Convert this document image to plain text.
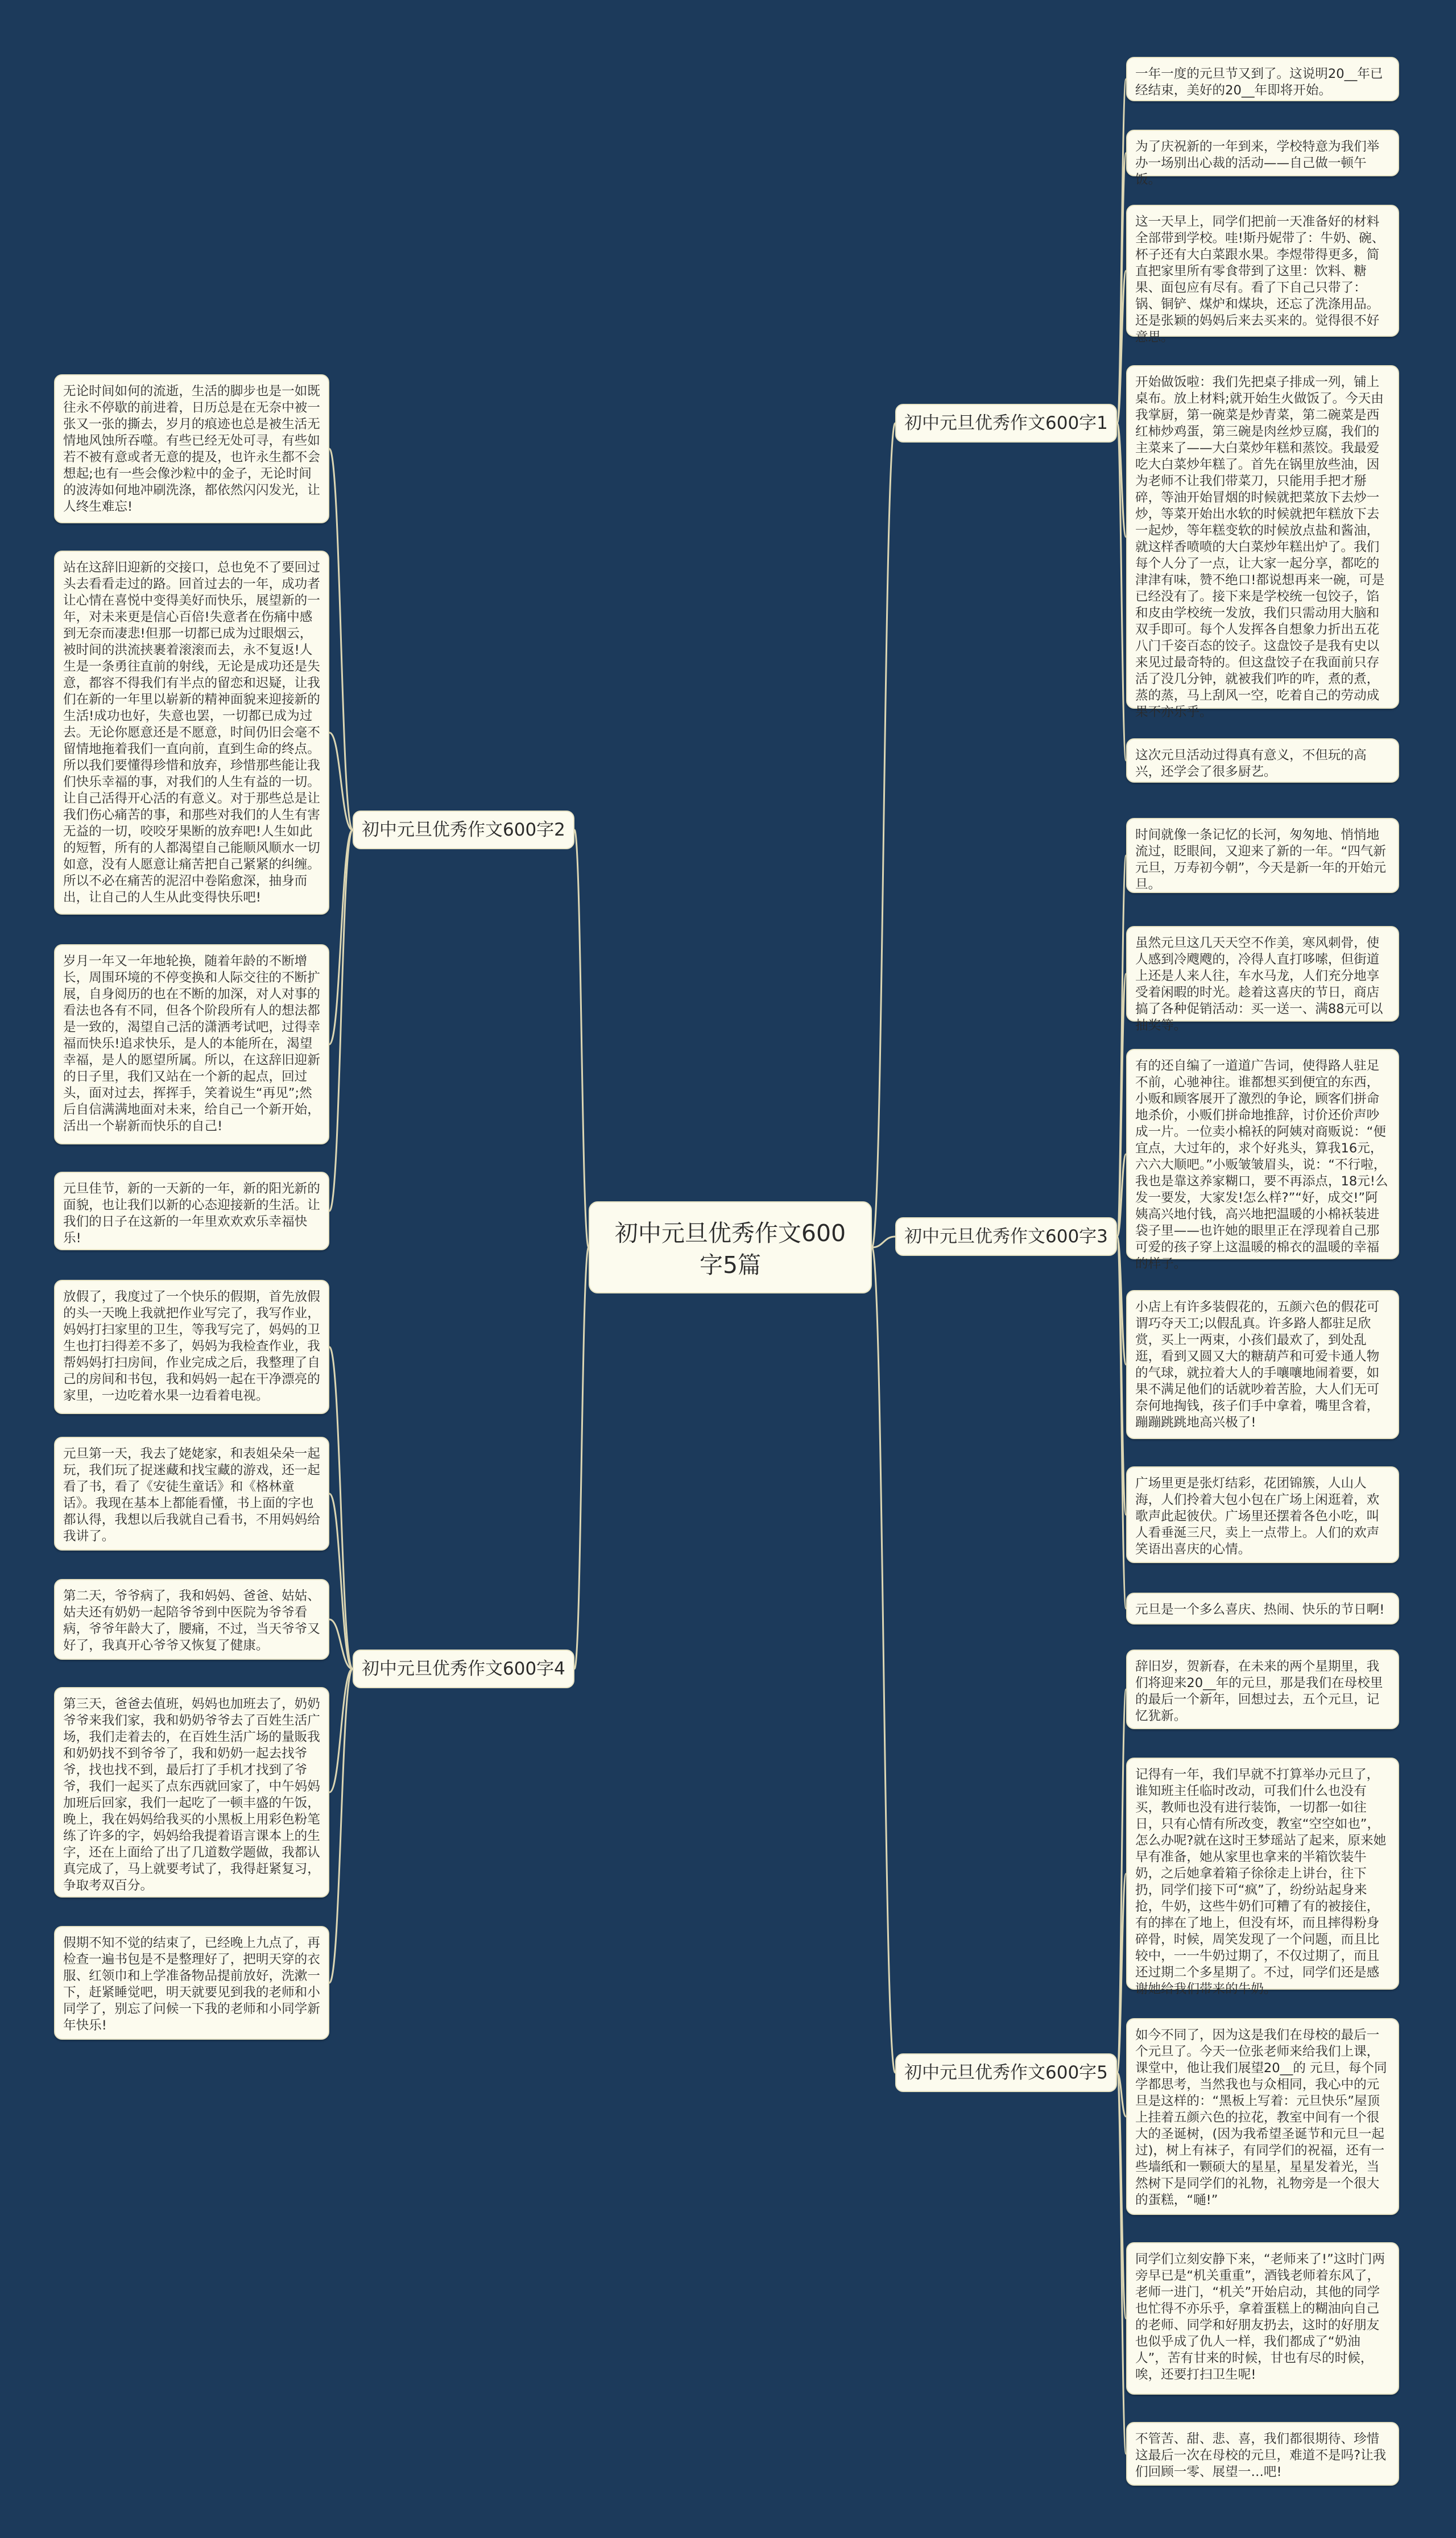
初中元旦优秀作文600字5篇
初中元旦优秀作文600字1
一年一度的元旦节又到了。这说明20__年已经结束，美好的20__年即将开始。
为了庆祝新的一年到来，学校特意为我们举办一场别出心裁的活动——自己做一顿午饭。
这一天早上，同学们把前一天准备好的材料全部带到学校。哇!斯丹妮带了：牛奶、碗、杯子还有大白菜跟水果。李煜带得更多，简直把家里所有零食带到了这里：饮料、糖果、面包应有尽有。看了下自己只带了：锅、铜铲、煤炉和煤块，还忘了洗涤用品。还是张颖的妈妈后来去买来的。觉得很不好意思。
开始做饭啦：我们先把桌子排成一列，铺上桌布。放上材料;就开始生火做饭了。今天由我掌厨，第一碗菜是炒青菜，第二碗菜是西红柿炒鸡蛋，第三碗是肉丝炒豆腐，我们的主菜来了——大白菜炒年糕和蒸饺。我最爱吃大白菜炒年糕了。首先在锅里放些油，因为老师不让我们带菜刀，只能用手把才掰碎，等油开始冒烟的时候就把菜放下去炒一炒，等菜开始出水软的时候就把年糕放下去一起炒，等年糕变软的时候放点盐和酱油，就这样香喷喷的大白菜炒年糕出炉了。我们每个人分了一点，让大家一起分享，都吃的津津有味，赞不绝口!都说想再来一碗，可是已经没有了。接下来是学校统一包饺子，馅和皮由学校统一发放，我们只需动用大脑和双手即可。每个人发挥各自想象力折出五花八门千姿百态的饺子。这盘饺子是我有史以来见过最奇特的。但这盘饺子在我面前只存活了没几分钟，就被我们咋的咋，煮的煮，蒸的蒸，马上刮风一空，吃着自己的劳动成果不亦乐乎。
这次元旦活动过得真有意义，不但玩的高兴，还学会了很多厨艺。
初中元旦优秀作文600字2
无论时间如何的流逝，生活的脚步也是一如既往永不停歇的前进着，日历总是在无奈中被一张又一张的撕去，岁月的痕迹也总是被生活无情地风蚀所吞噬。有些已经无处可寻，有些如若不被有意或者无意的提及，也许永生都不会想起;也有一些会像沙粒中的金子，无论时间的波涛如何地冲刷洗涤，都依然闪闪发光，让人终生难忘!
站在这辞旧迎新的交接口，总也免不了要回过头去看看走过的路。回首过去的一年，成功者让心情在喜悦中变得美好而快乐，展望新的一年，对未来更是信心百倍!失意者在伤痛中感到无奈而凄悲!但那一切都已成为过眼烟云，被时间的洪流挟裹着滚滚而去，永不复返!人生是一条勇往直前的射线，无论是成功还是失意，都容不得我们有半点的留恋和迟疑，让我们在新的一年里以崭新的精神面貌来迎接新的生活!成功也好，失意也罢，一切都已成为过去。无论你愿意还是不愿意，时间仍旧会毫不留情地拖着我们一直向前，直到生命的终点。所以我们要懂得珍惜和放弃，珍惜那些能让我们快乐幸福的事，对我们的人生有益的一切。让自己活得开心活的有意义。对于那些总是让我们伤心痛苦的事，和那些对我们的人生有害无益的一切，咬咬牙果断的放弃吧!人生如此的短暂，所有的人都渴望自己能顺风顺水一切如意，没有人愿意让痛苦把自己紧紧的纠缠。所以不必在痛苦的泥沼中卷陷愈深，抽身而出，让自己的人生从此变得快乐吧!
岁月一年又一年地轮换，随着年龄的不断增长，周围环境的不停变换和人际交往的不断扩展，自身阅历的也在不断的加深，对人对事的看法也各有不同，但各个阶段所有人的想法都是一致的，渴望自己活的潇洒考试吧，过得幸福而快乐!追求快乐，是人的本能所在，渴望幸福，是人的愿望所属。所以，在这辞旧迎新的日子里，我们又站在一个新的起点，回过头，面对过去，挥挥手，笑着说生“再见”;然后自信满满地面对未来，给自己一个新开始，活出一个崭新而快乐的自己!
元旦佳节，新的一天新的一年，新的阳光新的面貌，也让我们以新的心态迎接新的生活。让我们的日子在这新的一年里欢欢欢乐幸福快乐!	初中元旦优秀作文600字3
时间就像一条记忆的长河，匆匆地、悄悄地流过，眨眼间，又迎来了新的一年。“四气新元旦，万寿初今朝”，今天是新一年的开始元旦。
虽然元旦这几天天空不作美，寒风刺骨，使人感到冷飕飕的，冷得人直打哆嗦，但街道上还是人来人往，车水马龙，人们充分地享受着闲暇的时光。趁着这喜庆的节日，商店搞了各种促销活动：买一送一、满88元可以抽奖等。
有的还自编了一道道广告词，使得路人驻足不前，心驰神往。谁都想买到便宜的东西，小贩和顾客展开了激烈的争论，顾客们拼命地杀价，小贩们拼命地推辞，讨价还价声吵成一片。一位卖小棉袄的阿姨对商贩说：“便宜点，大过年的，求个好兆头，算我16元，六六大顺吧。”小贩皱皱眉头，说：“不行啦，我也是靠这养家糊口，要不再添点，18元!么发一要发，大家发!怎么样?”“好，成交!”阿姨高兴地付钱，高兴地把温暖的小棉袄装进袋子里——也许她的眼里正在浮现着自己那可爱的孩子穿上这温暖的棉衣的温暖的幸福的样子。
小店上有许多装假花的，五颜六色的假花可谓巧夺天工;以假乱真。许多路人都驻足欣赏，买上一两束，小孩们最欢了，到处乱逛，看到又圆又大的糖葫芦和可爱卡通人物的气球，就拉着大人的手嚷嚷地闹着要，如果不满足他们的话就吵着苦脸，大人们无可奈何地掏钱，孩子们手中拿着，嘴里含着，蹦蹦跳跳地高兴极了!
广场里更是张灯结彩，花团锦簇，人山人海，人们拎着大包小包在广场上闲逛着，欢歌声此起彼伏。广场里还摆着各色小吃，叫人看垂涎三尺，卖上一点带上。人们的欢声笑语出喜庆的心情。
元旦是一个多么喜庆、热闹、快乐的节日啊!
初中元旦优秀作文600字4
放假了，我度过了一个快乐的假期，首先放假的头一天晚上我就把作业写完了，我写作业，妈妈打扫家里的卫生，等我写完了，妈妈的卫生也打扫得差不多了，妈妈为我检查作业，我帮妈妈打扫房间，作业完成之后，我整理了自己的房间和书包，我和妈妈一起在干净漂亮的家里，一边吃着水果一边看着电视。
元旦第一天，我去了姥姥家，和表姐朵朵一起玩，我们玩了捉迷藏和找宝藏的游戏，还一起看了书，看了《安徒生童话》和《格林童话》。我现在基本上都能看懂，书上面的字也都认得，我想以后我就自己看书，不用妈妈给我讲了。
第二天，爷爷病了，我和妈妈、爸爸、姑姑、姑夫还有奶奶一起陪爷爷到中医院为爷爷看病，爷爷年龄大了，腰痛，不过，当天爷爷又好了，我真开心爷爷又恢复了健康。
第三天，爸爸去值班，妈妈也加班去了，奶奶爷爷来我们家，我和奶奶爷爷去了百姓生活广场，我们走着去的，在百姓生活广场的量販我和奶奶找不到爷爷了，我和奶奶一起去找爷爷，找也找不到，最后打了手机才找到了爷爷，我们一起买了点东西就回家了，中午妈妈加班后回家，我们一起吃了一顿丰盛的午饭，晚上，我在妈妈给我买的小黑板上用彩色粉笔练了许多的字，妈妈给我提着语言课本上的生字，还在上面给了出了几道数学题做，我都认真完成了，马上就要考试了，我得赶紧复习，争取考双百分。
假期不知不觉的结束了，已经晚上九点了，再检查一遍书包是不是整理好了，把明天穿的衣服、红领巾和上学准备物品提前放好，洗漱一下，赶紧睡觉吧，明天就要见到我的老师和小同学了，别忘了问候一下我的老师和小同学新年快乐!
初中元旦优秀作文600字5
辞旧岁，贺新春，在未来的两个星期里，我们将迎来20__年的元旦，那是我们在母校里的最后一个新年，回想过去，五个元旦，记忆犹新。
记得有一年，我们早就不打算举办元旦了，谁知班主任临时改动，可我们什么也没有买，教师也没有进行装饰，一切都一如往日，只有心情有所改变，教室“空空如也”，怎么办呢?就在这时王梦瑶站了起来，原来她早有准备，她从家里也拿来的半箱饮装牛奶，之后她拿着箱子徐徐走上讲台，往下扔，同学们接下可“疯”了，纷纷站起身来抢，牛奶，这些牛奶们可糟了有的被接住，有的摔在了地上，但没有坏，而且摔得粉身碎骨，时候，周笑发现了一个问题，而且比较中，一一牛奶过期了，不仅过期了，而且还过期二个多星期了。不过，同学们还是感谢她给我们带来的牛奶。
如今不同了，因为这是我们在母校的最后一个元旦了。今天一位张老师来给我们上课，课堂中，他让我们展望20__的 元旦，每个同学都思考，当然我也与众相同，我心中的元旦是这样的：“黑板上写着：元旦快乐”屋顶上挂着五颜六色的拉花，教室中间有一个很大的圣诞树，(因为我希望圣诞节和元旦一起过)，树上有袜子，有同学们的祝福，还有一些墙纸和一颗硕大的星星，星星发着光，当然树下是同学们的礼物，礼物旁是一个很大的蛋糕，“嗵!”
同学们立刻安静下来，“老师来了!”这时门两旁早已是“机关重重”，酒钱老师着东风了，老师一进门，“机关”开始启动，其他的同学也忙得不亦乐乎，拿着蛋糕上的糊油向自己的老师、同学和好朋友扔去，这时的好朋友也似乎成了仇人一样，我们都成了“奶油人”，苦有甘来的时候，甘也有尽的时候，唉，还要打扫卫生呢!
不管苦、甜、悲、喜，我们都很期待、珍惜这最后一次在母校的元旦，难道不是吗?让我们回顾一零、展望一…吧!
